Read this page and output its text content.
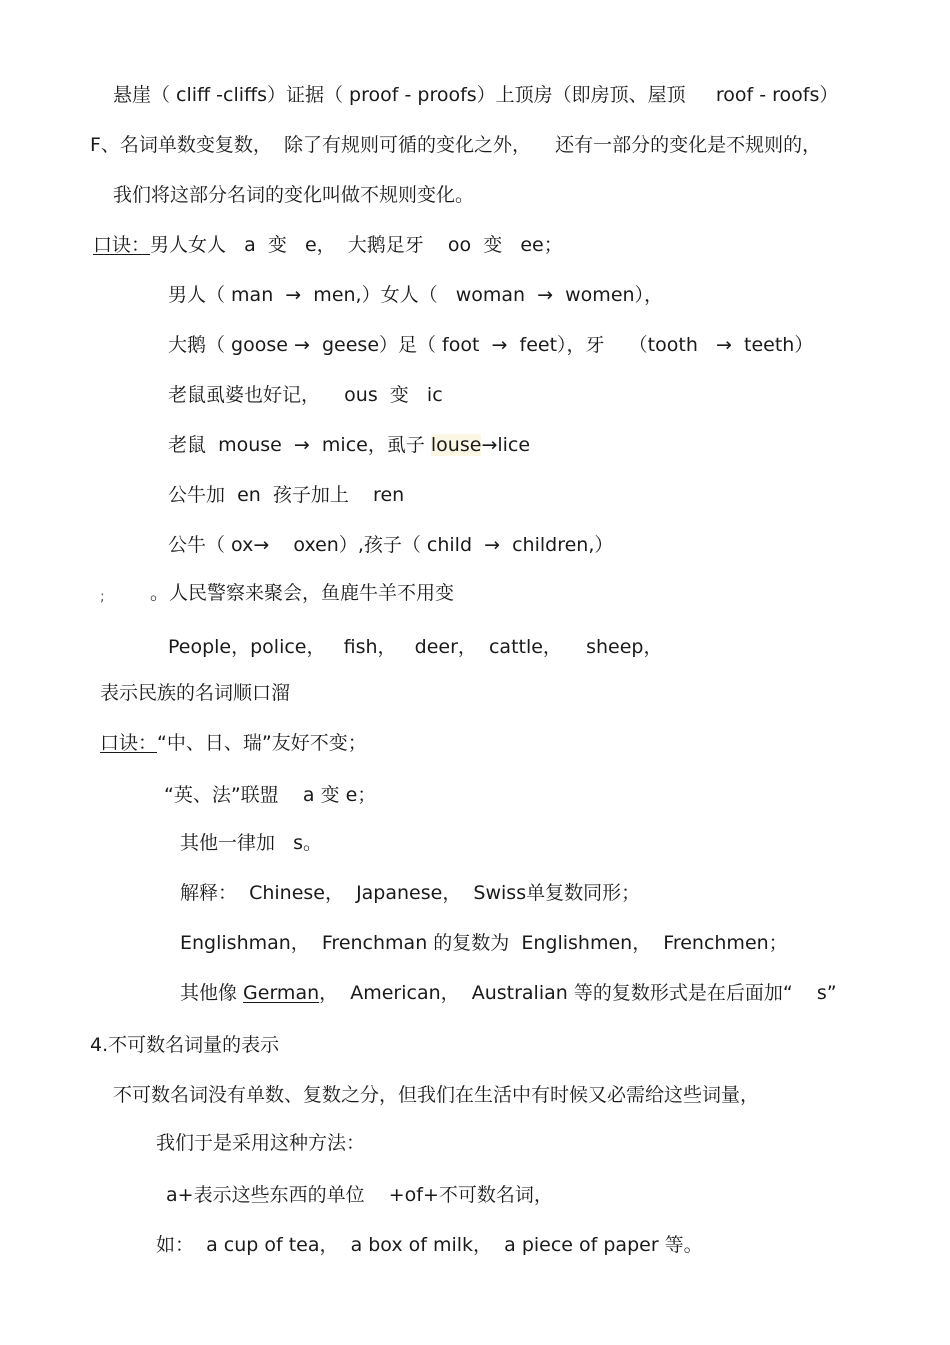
悬崖（ cliff -cliffs）证据（ proof - proofs）上顶房（即房顶、屋顶     roof - roofs）
F、名词单数变复数，  除了有规则可循的变化之外，    还有一部分的变化是不规则的，
我们将这部分名词的变化叫做不规则变化。
口诀：男人女人   a  变   e，  大鹅足牙    oo  变   ee；
男人（ man  →  men,）女人（   woman  →  women），
大鹅（ goose →  geese）足（ foot  →  feet），牙    （tooth   →  teeth）
老鼠虱婆也好记，    ous  变   ic
老鼠  mouse  →  mice，虱子 louse→lice
公牛加  en  孩子加上    ren
公牛（ ox→    oxen）,孩子（ child  →  children,）
; 。人民警察来聚会，鱼鹿牛羊不用变
People，police，   fish，   deer，  cattle，    sheep，
表示民族的名词顺口溜
口诀：“中、日、瑞”友好不变；
“英、法”联盟    a 变 e；
其他一律加   s。
解释：  Chinese，  Japanese，  Swiss单复数同形；
Englishman，  Frenchman 的复数为  Englishmen，  Frenchmen；
其他像 German，  American，  Australian 等的复数形式是在后面加“    s”
4.不可数名词量的表示
不可数名词没有单数、复数之分，但我们在生活中有时候又必需给这些词量，
我们于是采用这种方法：
a+表示这些东西的单位    +of+不可数名词，
如：  a cup of tea，  a box of milk，  a piece of paper 等。
